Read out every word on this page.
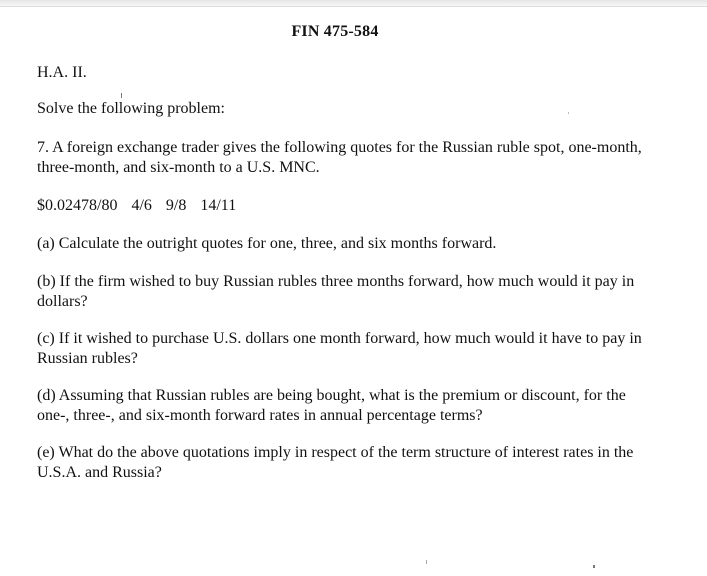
FIN 475-584
H.A. II.
Solve the following problem:
7. A foreign exchange trader gives the following quotes for the Russian ruble spot, one-month, three-month, and six-month to a U.S. MNC.
$0.02478/80  4/6  9/8  14/11
(a) Calculate the outright quotes for one, three, and six months forward.
(b) If the firm wished to buy Russian rubles three months forward, how much would it pay in dollars?
(c) If it wished to purchase U.S. dollars one month forward, how much would it have to pay in Russian rubles?
(d) Assuming that Russian rubles are being bought, what is the premium or discount, for the one-, three-, and six-month forward rates in annual percentage terms?
(e) What do the above quotations imply in respect of the term structure of interest rates in the U.S.A. and Russia?
